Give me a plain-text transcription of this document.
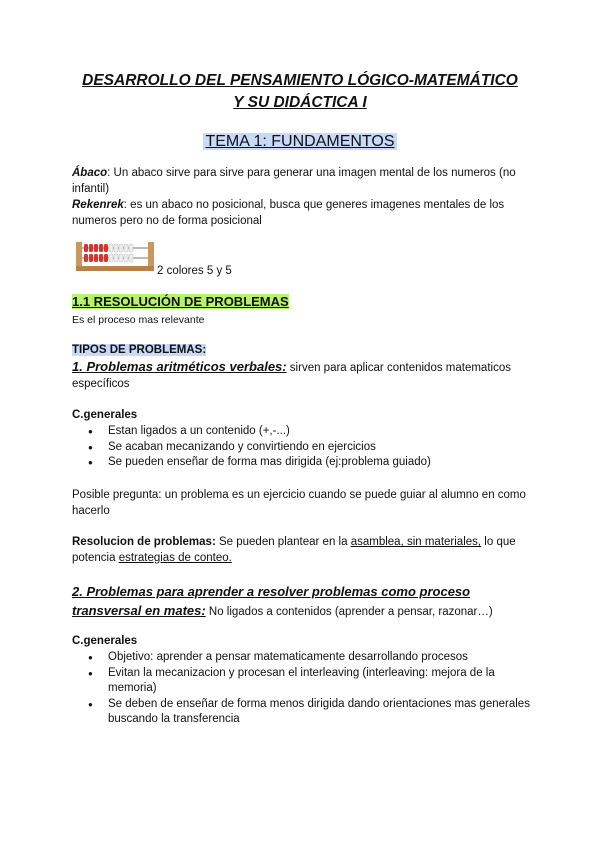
DESARROLLO DEL PENSAMIENTO LÓGICO-MATEMÁTICO
Y SU DIDÁCTICA I
TEMA 1: FUNDAMENTOS
Ábaco: Un abaco sirve para sirve para generar una imagen mental de los numeros (no infantil)
Rekenrek: es un abaco no posicional, busca que generes imagenes mentales de los numeros pero no de forma posicional
2 colores 5 y 5
1.1 RESOLUCIÓN DE PROBLEMAS
Es el proceso mas relevante
TIPOS DE PROBLEMAS:
1. Problemas aritméticos verbales: sirven para aplicar contenidos matematicos específicos
C.generales
● Estan ligados a un contenido (+,-...)
● Se acaban mecanizando y convirtiendo en ejercicios
● Se pueden enseñar de forma mas dirigida (ej:problema guiado)
Posible pregunta: un problema es un ejercicio cuando se puede guiar al alumno en como hacerlo
Resolucion de problemas: Se pueden plantear en la asamblea, sin materiales, lo que potencia estrategias de conteo.
2. Problemas para aprender a resolver problemas como proceso transversal en mates: No ligados a contenidos (aprender a pensar, razonar…)
C.generales
● Objetivo: aprender a pensar matematicamente desarrollando procesos
● Evitan la mecanizacion y procesan el interleaving (interleaving: mejora de la memoria)
● Se deben de enseñar de forma menos dirigida dando orientaciones mas generales buscando la transferencia
